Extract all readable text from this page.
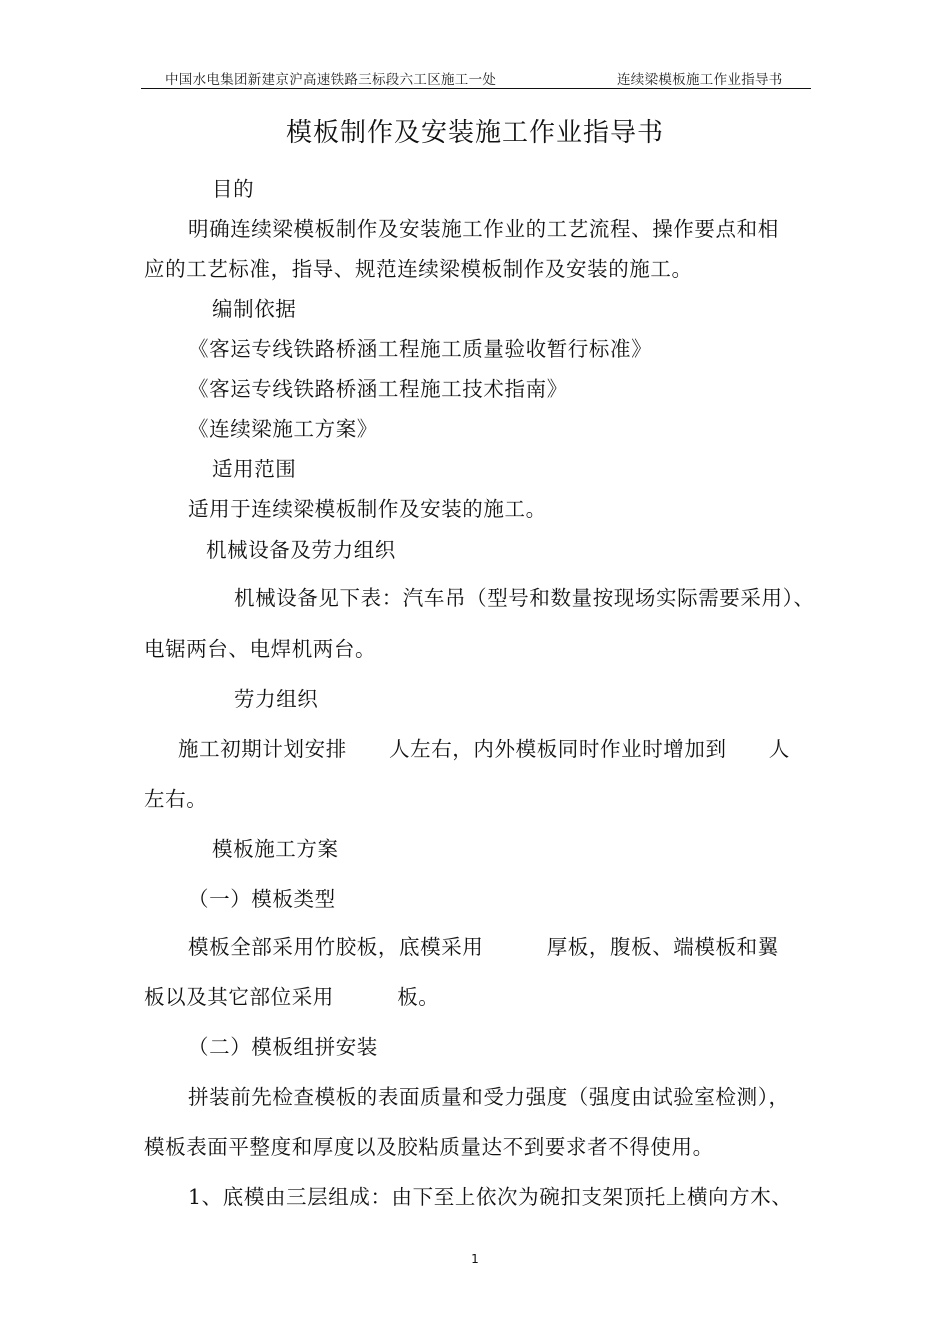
中国水电集团新建京沪高速铁路三标段六工区施工一处	连续梁模板施工作业指导书
模板制作及安装施工作业指导书
目的
明确连续梁模板制作及安装施工作业的工艺流程、操作要点和相
应的工艺标准，指导、规范连续梁模板制作及安装的施工。
编制依据
《客运专线铁路桥涵工程施工质量验收暂行标准》
《客运专线铁路桥涵工程施工技术指南》
《连续梁施工方案》
适用范围
适用于连续梁模板制作及安装的施工。
机械设备及劳力组织
机械设备见下表：汽车吊（型号和数量按现场实际需要采用）、
电锯两台、电焊机两台。
劳力组织
施工初期计划安排　　人左右，内外模板同时作业时增加到　　人
左右。
模板施工方案
（一）模板类型
模板全部采用竹胶板，底模采用　　　厚板，腹板、端模板和翼
板以及其它部位采用　　　板。
（二）模板组拼安装
拼装前先检查模板的表面质量和受力强度（强度由试验室检测），
模板表面平整度和厚度以及胶粘质量达不到要求者不得使用。
1、底模由三层组成：由下至上依次为碗扣支架顶托上横向方木、
1
